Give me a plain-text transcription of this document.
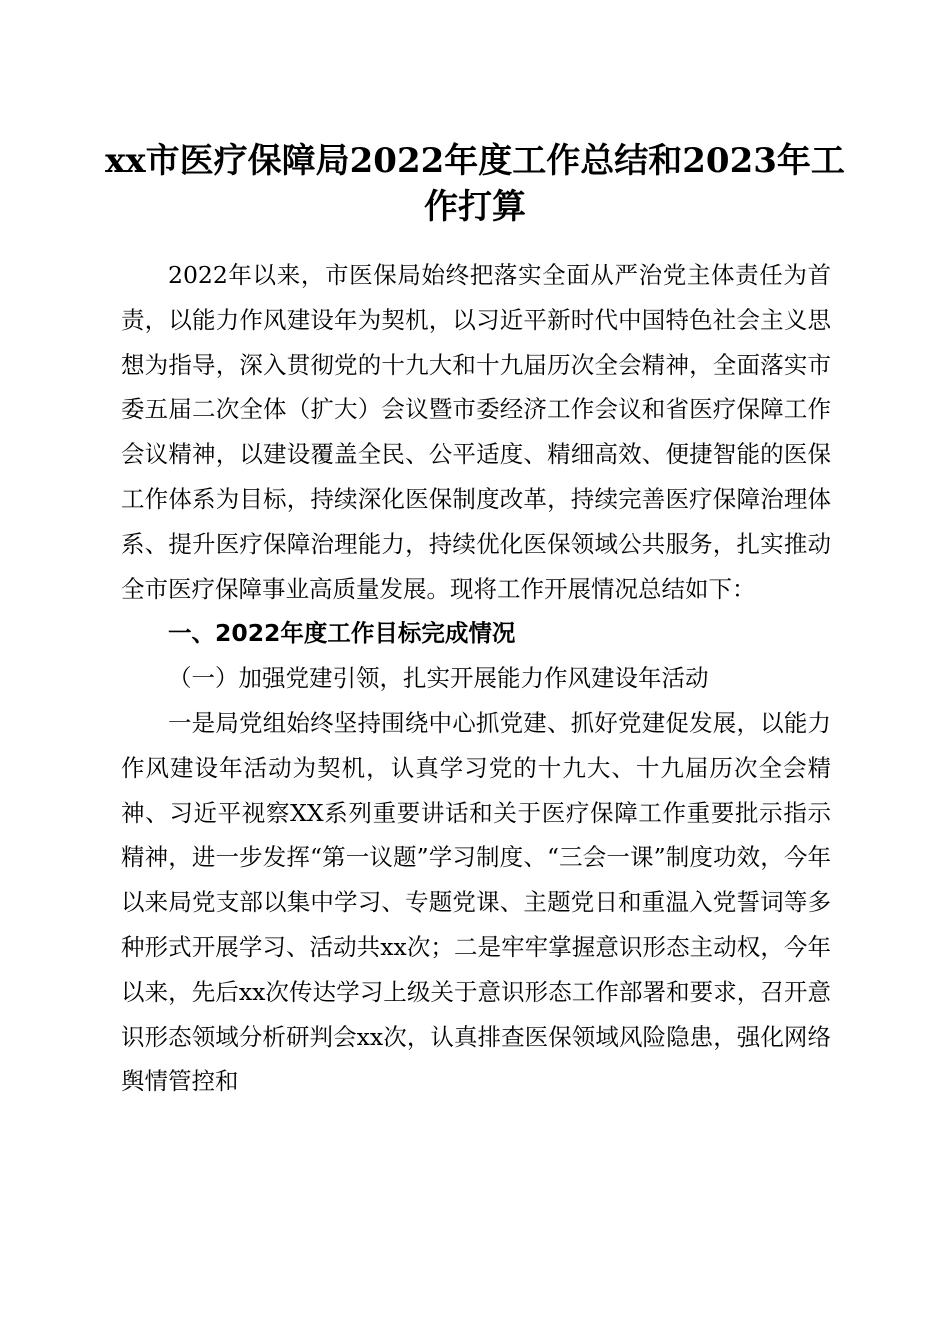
xx市医疗保障局2022年度工作总结和2023年工作打算

2022年以来，市医保局始终把落实全面从严治党主体责任为首责，以能力作风建设年为契机，以习近平新时代中国特色社会主义思想为指导，深入贯彻党的十九大和十九届历次全会精神，全面落实市委五届二次全体（扩大）会议暨市委经济工作会议和省医疗保障工作会议精神，以建设覆盖全民、公平适度、精细高效、便捷智能的医保工作体系为目标，持续深化医保制度改革，持续完善医疗保障治理体系、提升医疗保障治理能力，持续优化医保领域公共服务，扎实推动全市医疗保障事业高质量发展。现将工作开展情况总结如下：

一、2022年度工作目标完成情况

（一）加强党建引领，扎实开展能力作风建设年活动

一是局党组始终坚持围绕中心抓党建、抓好党建促发展，以能力作风建设年活动为契机，认真学习党的十九大、十九届历次全会精神、习近平视察XX系列重要讲话和关于医疗保障工作重要批示指示精神，进一步发挥“第一议题”学习制度、“三会一课”制度功效，今年以来局党支部以集中学习、专题党课、主题党日和重温入党誓词等多种形式开展学习、活动共xx次；二是牢牢掌握意识形态主动权，今年以来，先后xx次传达学习上级关于意识形态工作部署和要求，召开意识形态领域分析研判会xx次，认真排查医保领域风险隐患，强化网络舆情管控和
